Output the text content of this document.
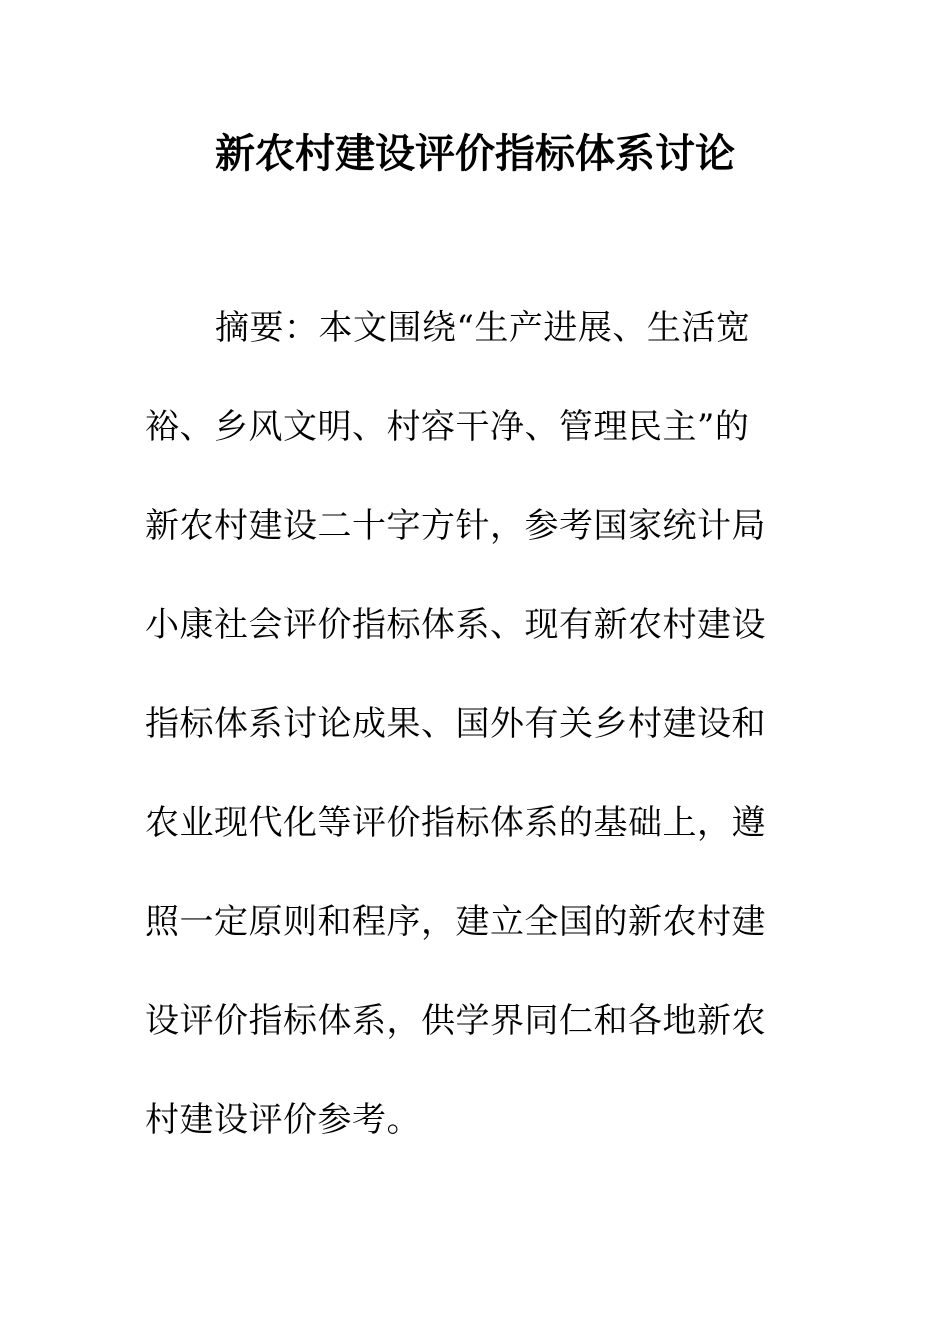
新农村建设评价指标体系讨论
摘要：本文围绕“生产进展、生活宽
裕、乡风文明、村容干净、管理民主”的
新农村建设二十字方针，参考国家统计局
小康社会评价指标体系、现有新农村建设
指标体系讨论成果、国外有关乡村建设和
农业现代化等评价指标体系的基础上，遵
照一定原则和程序，建立全国的新农村建
设评价指标体系，供学界同仁和各地新农
村建设评价参考。
